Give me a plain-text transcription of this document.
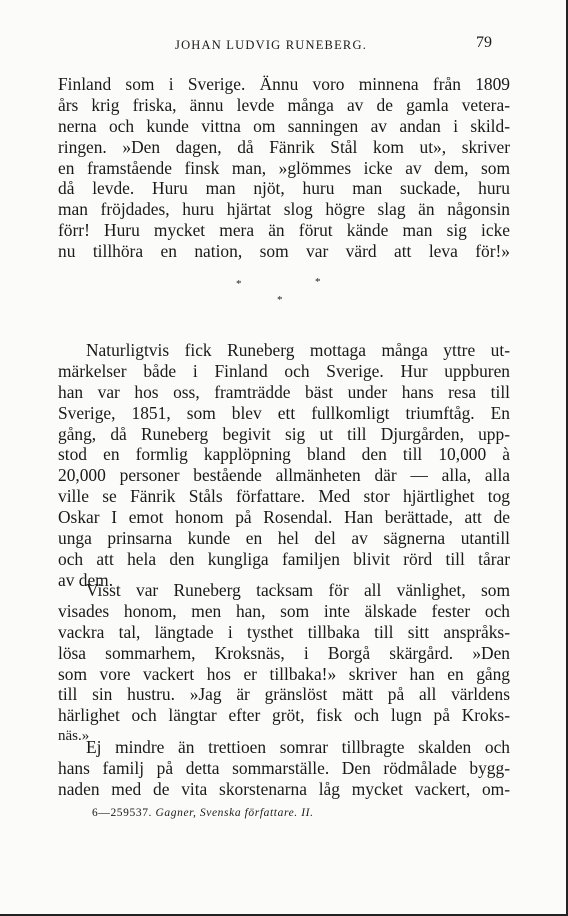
JOHAN LUDVIG RUNEBERG.	79
Finland som i Sverige. Ännu voro minnena från 1809
års krig friska, ännu levde många av de gamla vetera-
nerna och kunde vittna om sanningen av andan i skild-
ringen. »Den dagen, då Fänrik Stål kom ut», skriver
en framstående finsk man, »glömmes icke av dem, som
då levde. Huru man njöt, huru man suckade, huru
man fröjdades, huru hjärtat slog högre slag än någonsin
förr! Huru mycket mera än förut kände man sig icke
nu tillhöra en nation, som var värd att leva för!»
*	*
*
Naturligtvis fick Runeberg mottaga många yttre ut-
märkelser både i Finland och Sverige. Hur uppburen
han var hos oss, framträdde bäst under hans resa till
Sverige, 1851, som blev ett fullkomligt triumftåg. En
gång, då Runeberg begivit sig ut till Djurgården, upp-
stod en formlig kapplöpning bland den till 10,000 à
20,000 personer bestående allmänheten där — alla, alla
ville se Fänrik Ståls författare. Med stor hjärtlighet tog
Oskar I emot honom på Rosendal. Han berättade, att de
unga prinsarna kunde en hel del av sägnerna utantill
och att hela den kungliga familjen blivit rörd till tårar
av dem.
Visst var Runeberg tacksam för all vänlighet, som
visades honom, men han, som inte älskade fester och
vackra tal, längtade i tysthet tillbaka till sitt anspråks-
lösa sommarhem, Kroksnäs, i Borgå skärgård. »Den
som vore vackert hos er tillbaka!» skriver han en gång
till sin hustru. »Jag är gränslöst mätt på all världens
härlighet och längtar efter gröt, fisk och lugn på Kroks-
näs.»
Ej mindre än trettioen somrar tillbragte skalden och
hans familj på detta sommarställe. Den rödmålade bygg-
naden med de vita skorstenarna låg mycket vackert, om-
6—259537. Gagner, Svenska författare. II.
